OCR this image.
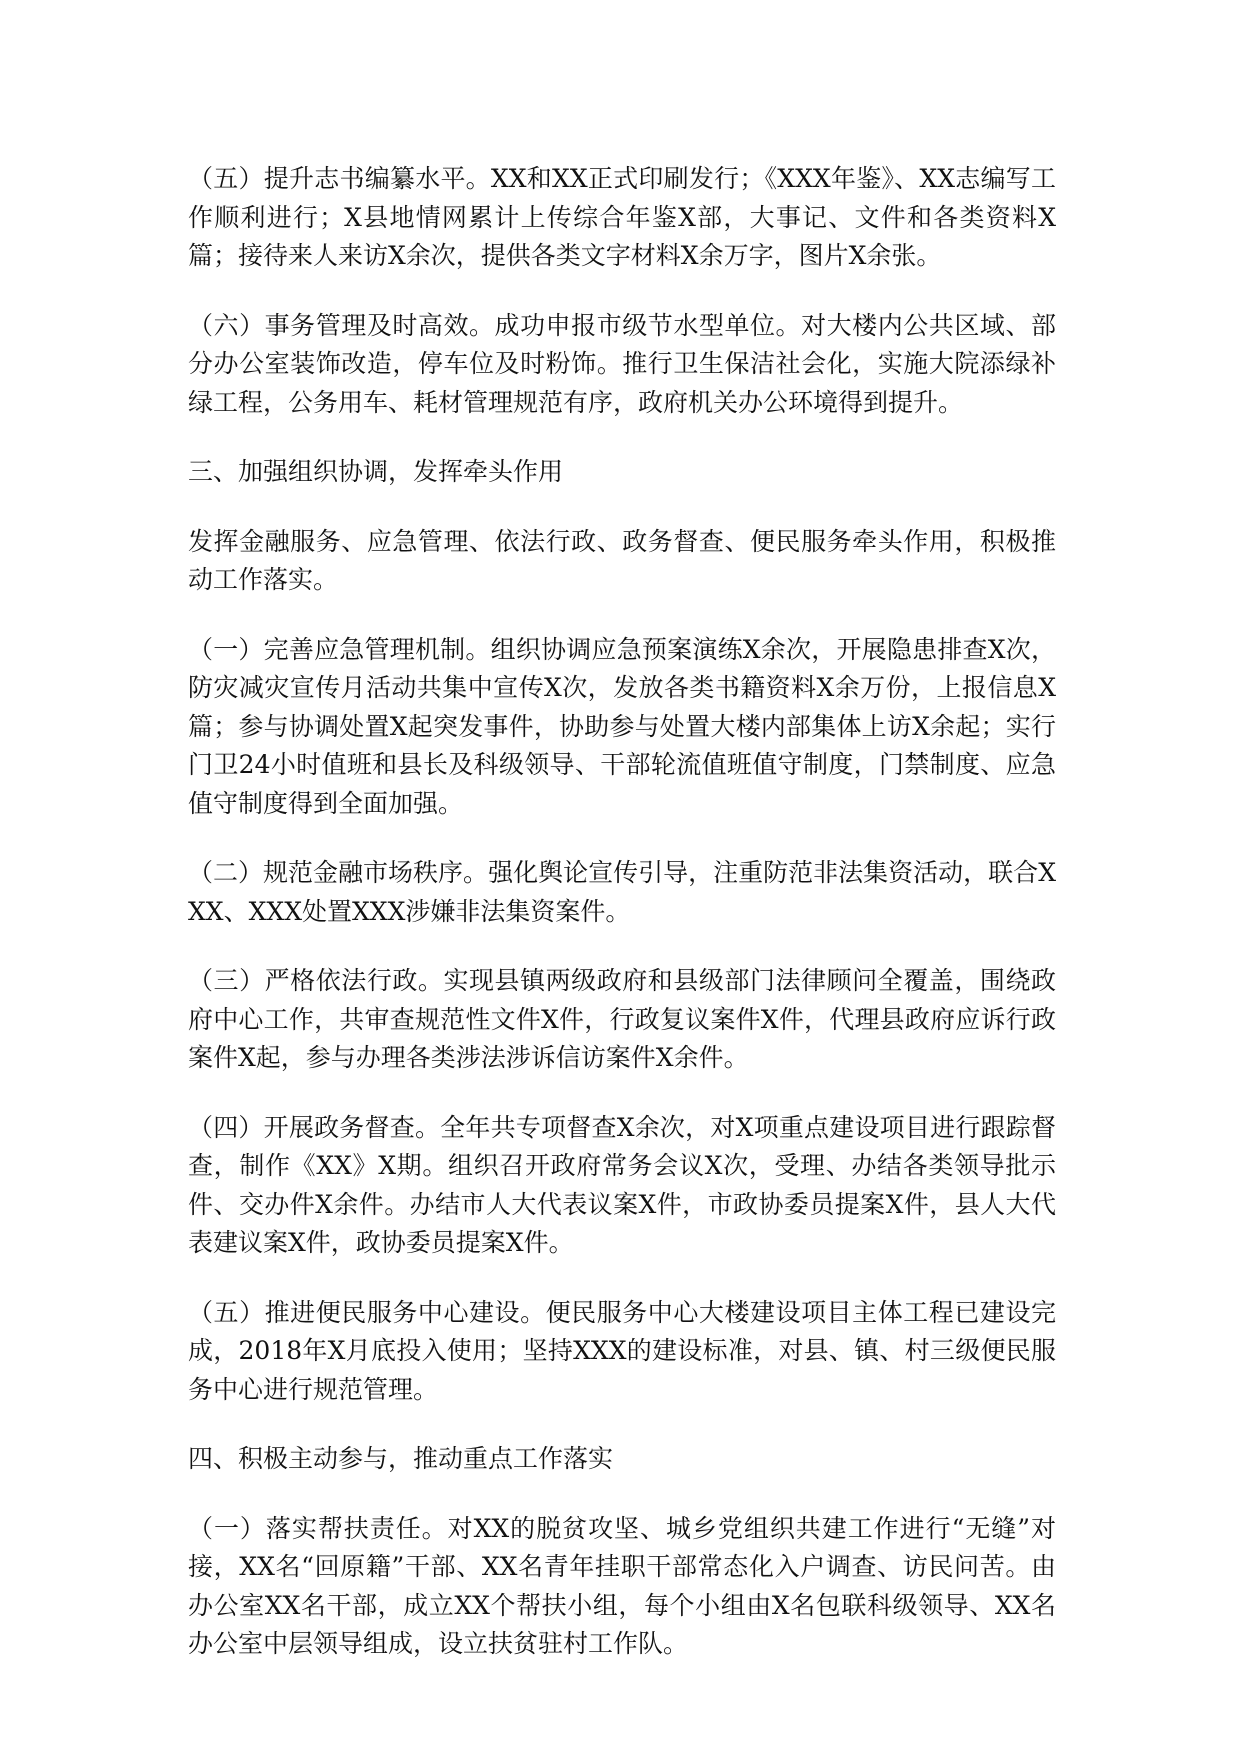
（五）提升志书编纂水平。XX和XX正式印刷发行；《XXX年鉴》、XX志编写工作顺利进行；X县地情网累计上传综合年鉴X部，大事记、文件和各类资料X篇；接待来人来访X余次，提供各类文字材料X余万字，图片X余张。

（六）事务管理及时高效。成功申报市级节水型单位。对大楼内公共区域、部分办公室装饰改造，停车位及时粉饰。推行卫生保洁社会化，实施大院添绿补绿工程，公务用车、耗材管理规范有序，政府机关办公环境得到提升。

三、加强组织协调，发挥牵头作用

发挥金融服务、应急管理、依法行政、政务督查、便民服务牵头作用，积极推动工作落实。

（一）完善应急管理机制。组织协调应急预案演练X余次，开展隐患排查X次，防灾减灾宣传月活动共集中宣传X次，发放各类书籍资料X余万份，上报信息X篇；参与协调处置X起突发事件，协助参与处置大楼内部集体上访X余起；实行门卫24小时值班和县长及科级领导、干部轮流值班值守制度，门禁制度、应急值守制度得到全面加强。

（二）规范金融市场秩序。强化舆论宣传引导，注重防范非法集资活动，联合XXX、XXX处置XXX涉嫌非法集资案件。

（三）严格依法行政。实现县镇两级政府和县级部门法律顾问全覆盖，围绕政府中心工作，共审查规范性文件X件，行政复议案件X件，代理县政府应诉行政案件X起，参与办理各类涉法涉诉信访案件X余件。

（四）开展政务督查。全年共专项督查X余次，对X项重点建设项目进行跟踪督查，制作《XX》X期。组织召开政府常务会议X次，受理、办结各类领导批示件、交办件X余件。办结市人大代表议案X件，市政协委员提案X件，县人大代表建议案X件，政协委员提案X件。

（五）推进便民服务中心建设。便民服务中心大楼建设项目主体工程已建设完成，2018年X月底投入使用；坚持XXX的建设标准，对县、镇、村三级便民服务中心进行规范管理。

四、积极主动参与，推动重点工作落实

（一）落实帮扶责任。对XX的脱贫攻坚、城乡党组织共建工作进行“无缝”对接，XX名“回原籍”干部、XX名青年挂职干部常态化入户调查、访民问苦。由办公室XX名干部，成立XX个帮扶小组，每个小组由X名包联科级领导、XX名办公室中层领导组成，设立扶贫驻村工作队。
